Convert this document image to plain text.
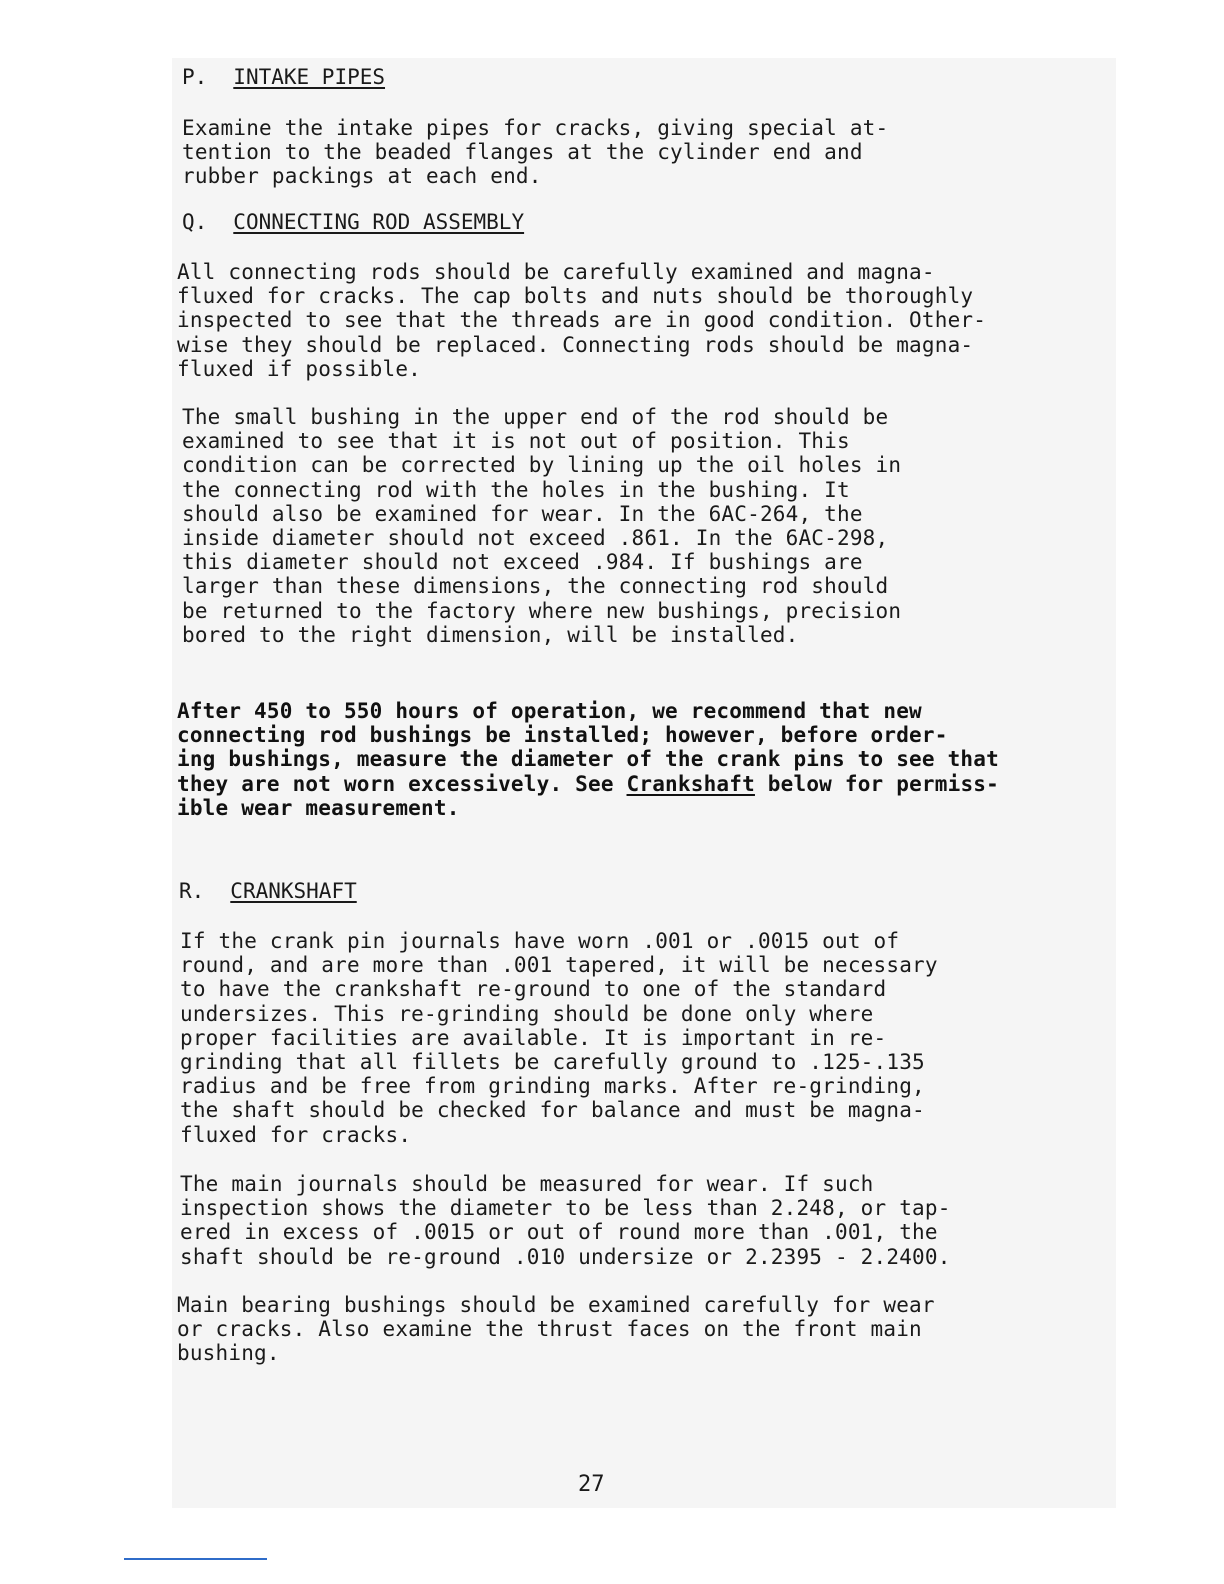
P. INTAKE PIPES

Examine the intake pipes for cracks, giving special at-
tention to the beaded flanges at the cylinder end and
rubber packings at each end.

Q. CONNECTING ROD ASSEMBLY

All connecting rods should be carefully examined and magna-
fluxed for cracks. The cap bolts and nuts should be thoroughly
inspected to see that the threads are in good condition. Other-
wise they should be replaced. Connecting rods should be magna-
fluxed if possible.

The small bushing in the upper end of the rod should be
examined to see that it is not out of position. This
condition can be corrected by lining up the oil holes in
the connecting rod with the holes in the bushing. It
should also be examined for wear. In the 6AC-264, the
inside diameter should not exceed .861. In the 6AC-298,
this diameter should not exceed .984. If bushings are
larger than these dimensions, the connecting rod should
be returned to the factory where new bushings, precision
bored to the right dimension, will be installed.

After 450 to 550 hours of operation, we recommend that new
connecting rod bushings be installed; however, before order-
ing bushings, measure the diameter of the crank pins to see that
they are not worn excessively. See Crankshaft below for permiss-
ible wear measurement.

R. CRANKSHAFT

If the crank pin journals have worn .001 or .0015 out of
round, and are more than .001 tapered, it will be necessary
to have the crankshaft re-ground to one of the standard
undersizes. This re-grinding should be done only where
proper facilities are available. It is important in re-
grinding that all fillets be carefully ground to .125-.135
radius and be free from grinding marks. After re-grinding,
the shaft should be checked for balance and must be magna-
fluxed for cracks.

The main journals should be measured for wear. If such
inspection shows the diameter to be less than 2.248, or tap-
ered in excess of .0015 or out of round more than .001, the
shaft should be re-ground .010 undersize or 2.2395 - 2.2400.

Main bearing bushings should be examined carefully for wear
or cracks. Also examine the thrust faces on the front main
bushing.

27
